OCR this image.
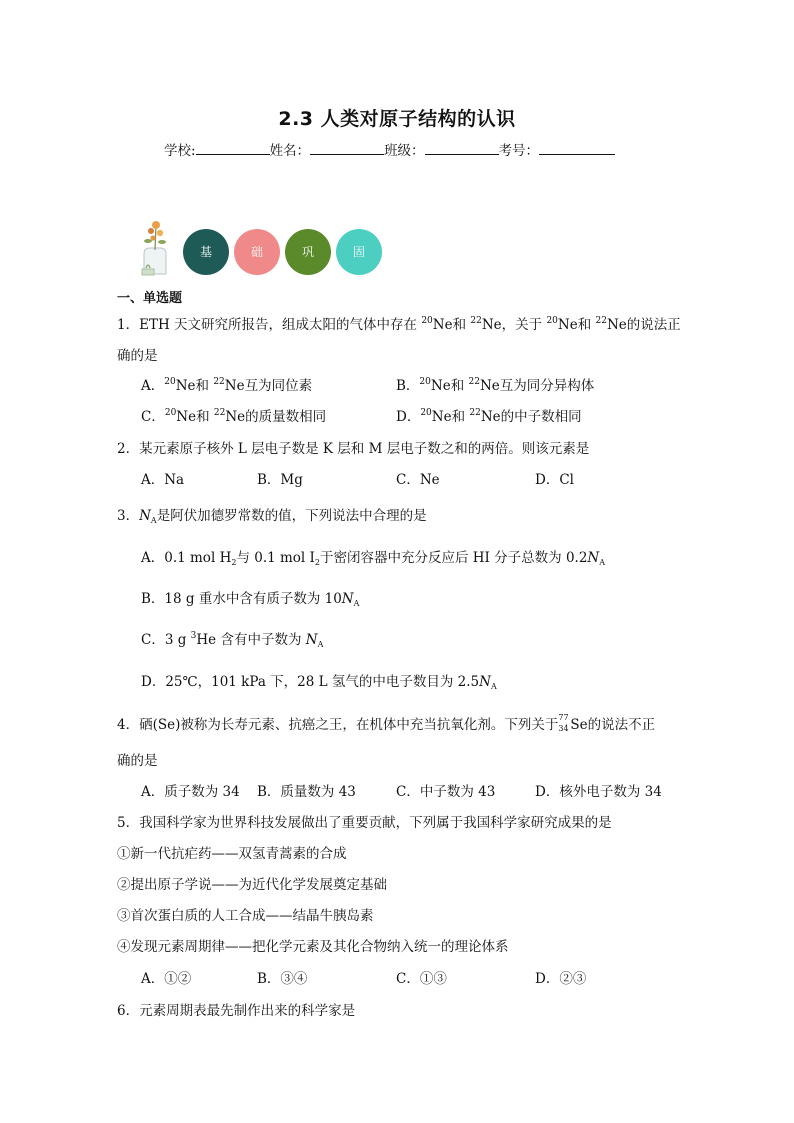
2.3 人类对原子结构的认识
学校:	姓名：	班级：	考号：
基	础	巩	固
一、单选题
1．ETH 天文研究所报告，组成太阳的气体中存在 $^{20}$Ne和 $^{22}$Ne，关于 $^{20}$Ne和 $^{22}$Ne的说法正
确的是
A．$^{20}$Ne和 $^{22}$Ne互为同位素	B．$^{20}$Ne和 $^{22}$Ne互为同分异构体
C．$^{20}$Ne和 $^{22}$Ne的质量数相同	D．$^{20}$Ne和 $^{22}$Ne的中子数相同
2．某元素原子核外 L 层电子数是 K 层和 M 层电子数之和的两倍。则该元素是
A．Na	B．Mg	C．Ne	D．Cl
3．$N_A$是阿伏加德罗常数的值，下列说法中合理的是
A．0.1 mol $H_2$与 0.1 mol $I_2$于密闭容器中充分反应后 HI 分子总数为 $0.2N_A$
B．18 g 重水中含有质子数为 $10N_A$
C．3 g $^3$He 含有中子数为 $N_A$
D．25℃，101 kPa 下，28 L 氢气的中电子数目为 $2.5N_A$
4．硒(Se)被称为长寿元素、抗癌之王，在机体中充当抗氧化剂。下列关于 77
34 Se的说法不正
确的是
A．质子数为 34 B．质量数为 43	C．中子数为 43	D．核外电子数为 34
5．我国科学家为世界科技发展做出了重要贡献，下列属于我国科学家研究成果的是
①新一代抗疟药——双氢青蒿素的合成
②提出原子学说——为近代化学发展奠定基础
③首次蛋白质的人工合成——结晶牛胰岛素
④发现元素周期律——把化学元素及其化合物纳入统一的理论体系
A．①②	B．③④	C．①③	D．②③
6．元素周期表最先制作出来的科学家是
